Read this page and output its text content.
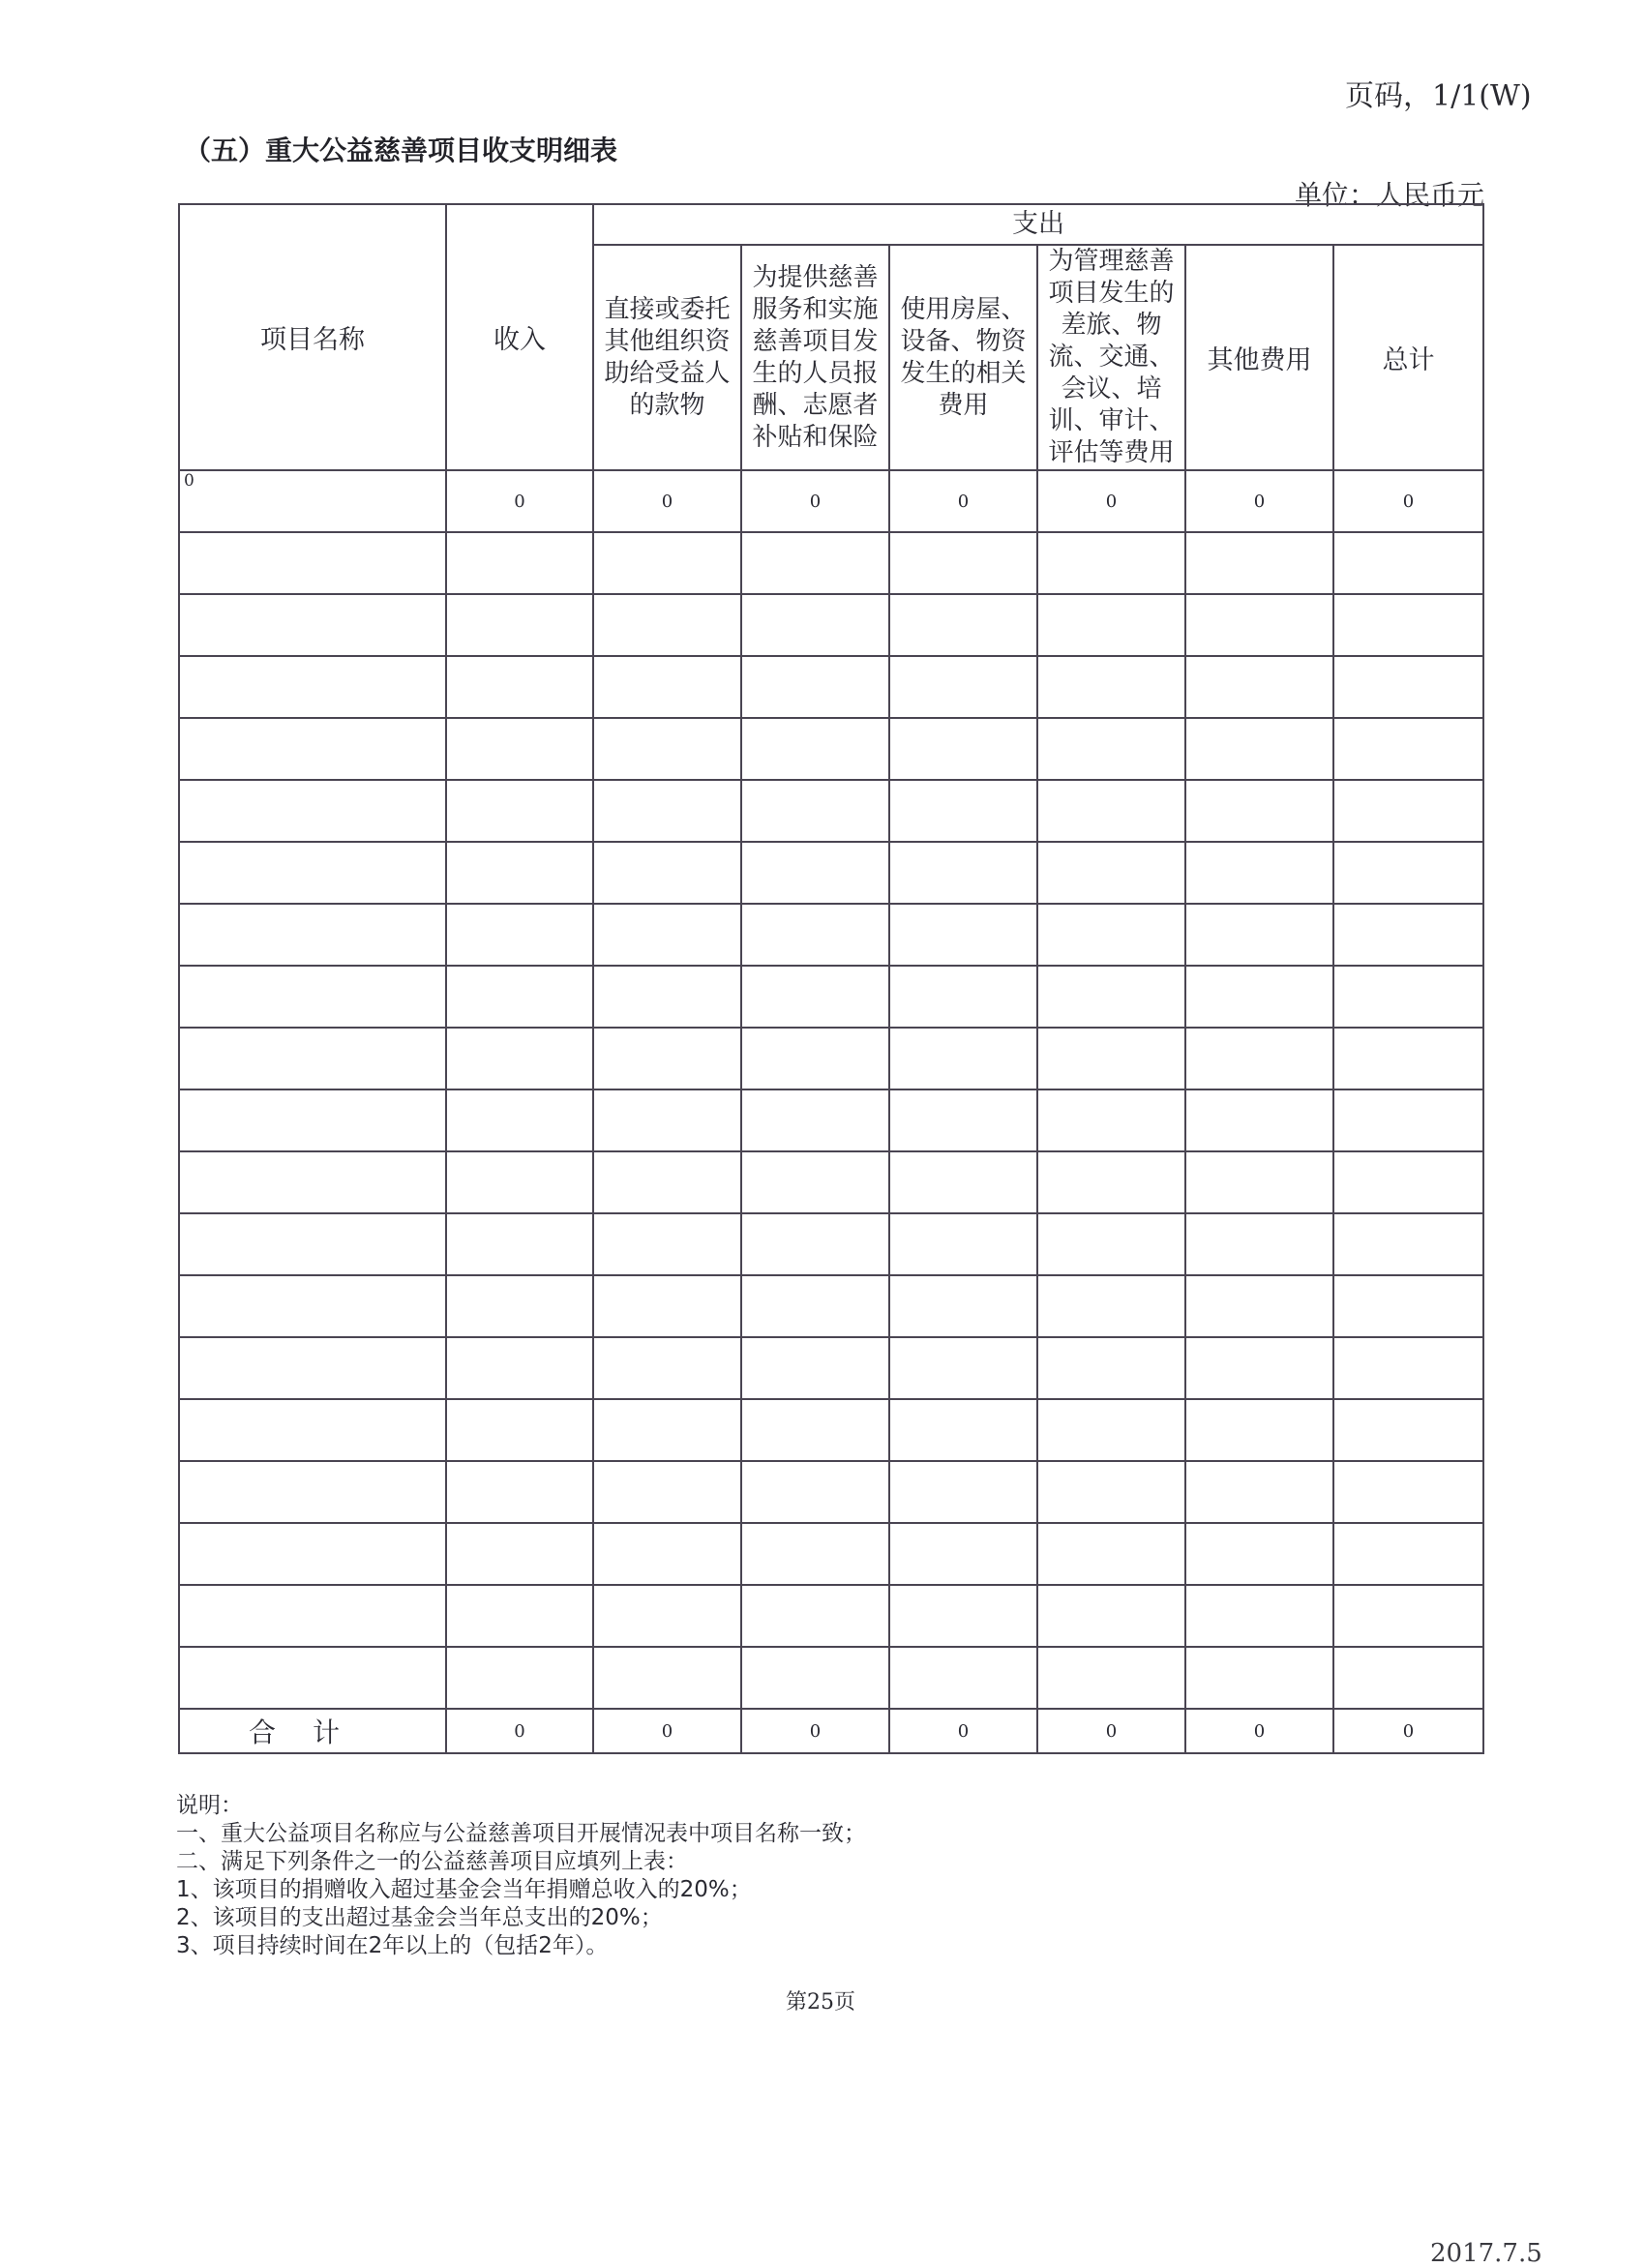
页码，1/1(W)
（五）重大公益慈善项目收支明细表
单位：人民币元
项目名称	收入	支出					
		直接或委托其他组织资助给受益人的款物	为提供慈善服务和实施慈善项目发生的人员报酬、志愿者补贴和保险	使用房屋、设备、物资发生的相关费用	为管理慈善项目发生的差旅、物流、交通、会议、培训、审计、评估等费用	其他费用	总计
0	0	0	0	0	0	0	0

合计	0	0	0	0	0	0	0
说明：
一、重大公益项目名称应与公益慈善项目开展情况表中项目名称一致；
二、满足下列条件之一的公益慈善项目应填列上表：
1、该项目的捐赠收入超过基金会当年捐赠总收入的20%；
2、该项目的支出超过基金会当年总支出的20%；
3、项目持续时间在2年以上的（包括2年）。
第25页
2017.7.5
